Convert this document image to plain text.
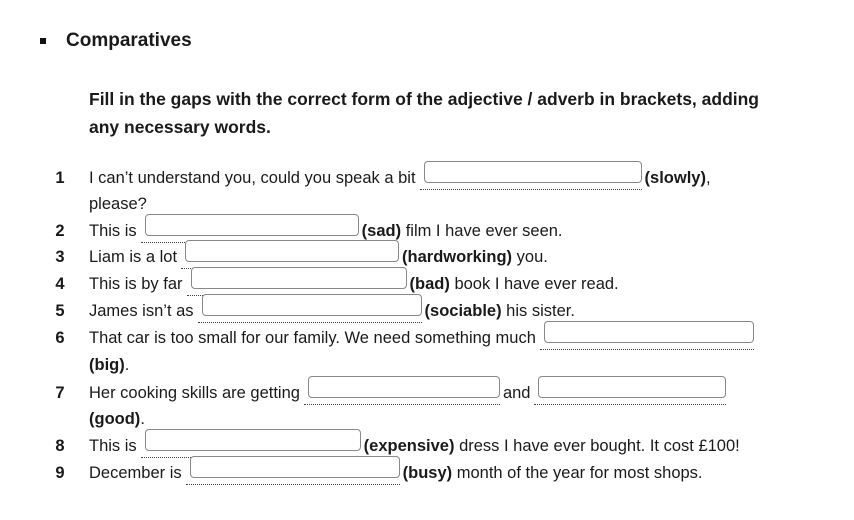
Comparatives
Fill in the gaps with the correct form of the adjective / adverb in brackets, adding any necessary words.
1	I can’t understand you, could you speak a bit	(slowly) ,
please?
2	This is	(sad)
film I have ever seen.
3	Liam is a lot	(hardworking)
you.
4	This is by far	(bad)
book I have ever read.
5	James isn’t as	(sociable)
his sister.
6	That car is too small for our family. We need something much
(big) .
7	Her cooking skills are getting	and
(good) .
8	This is	(expensive)
dress I have ever bought. It cost £100!
9	December is	(busy)
month of the year for most shops.
